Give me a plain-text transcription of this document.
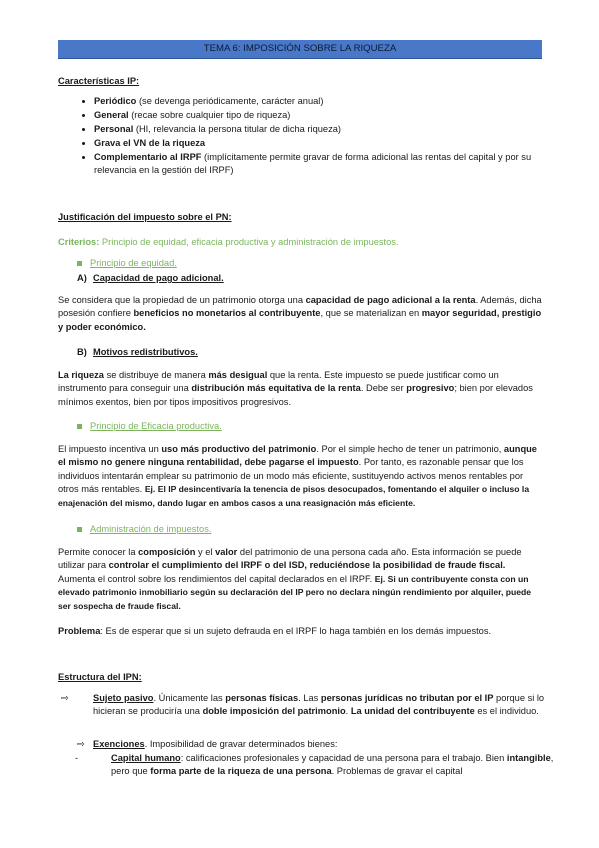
TEMA 6: IMPOSICIÓN SOBRE LA RIQUEZA
Características IP:
• Periódico (se devenga periódicamente, carácter anual)
• General (recae sobre cualquier tipo de riqueza)
• Personal (HI, relevancia la persona titular de dicha riqueza)
• Grava el VN de la riqueza
• Complementario al IRPF (implícitamente permite gravar de forma adicional las rentas del capital y por su relevancia en la gestión del IRPF)
Justificación del impuesto sobre el PN:
Criterios: Principio de equidad, eficacia productiva y administración de impuestos.
Principio de equidad.
A) Capacidad de pago adicional.
Se considera que la propiedad de un patrimonio otorga una capacidad de pago adicional a la renta. Además, dicha posesión confiere beneficios no monetarios al contribuyente, que se materializan en mayor seguridad, prestigio y poder económico.
B) Motivos redistributivos.
La riqueza se distribuye de manera más desigual que la renta. Este impuesto se puede justificar como un instrumento para conseguir una distribución más equitativa de la renta. Debe ser progresivo; bien por elevados mínimos exentos, bien por tipos impositivos progresivos.
Principio de Eficacia productiva.
El impuesto incentiva un uso más productivo del patrimonio. Por el simple hecho de tener un patrimonio, aunque el mismo no genere ninguna rentabilidad, debe pagarse el impuesto. Por tanto, es razonable pensar que los individuos intentarán emplear su patrimonio de un modo más eficiente, sustituyendo activos menos rentables por otros más rentables. Ej. El IP desincentivaría la tenencia de pisos desocupados, fomentando el alquiler o incluso la enajenación del mismo, dando lugar en ambos casos a una reasignación más eficiente.
Administración de impuestos.
Permite conocer la composición y el valor del patrimonio de una persona cada año. Esta información se puede utilizar para controlar el cumplimiento del IRPF o del ISD, reduciéndose la posibilidad de fraude fiscal. Aumenta el control sobre los rendimientos del capital declarados en el IRPF. Ej. Si un contribuyente consta con un elevado patrimonio inmobiliario según su declaración del IP pero no declara ningún rendimiento por alquiler, puede ser sospecha de fraude fiscal.
Problema: Es de esperar que si un sujeto defrauda en el IRPF lo haga también en los demás impuestos.
Estructura del IPN:
⇨	Sujeto pasivo. Únicamente las personas físicas. Las personas jurídicas no tributan por el IP porque si lo hicieran se produciría una doble imposición del patrimonio. La unidad del contribuyente es el individuo.
⇨ Exenciones. Imposibilidad de gravar determinados bienes:
-	Capital humano: calificaciones profesionales y capacidad de una persona para el trabajo. Bien intangible, pero que forma parte de la riqueza de una persona. Problemas de gravar el capital
